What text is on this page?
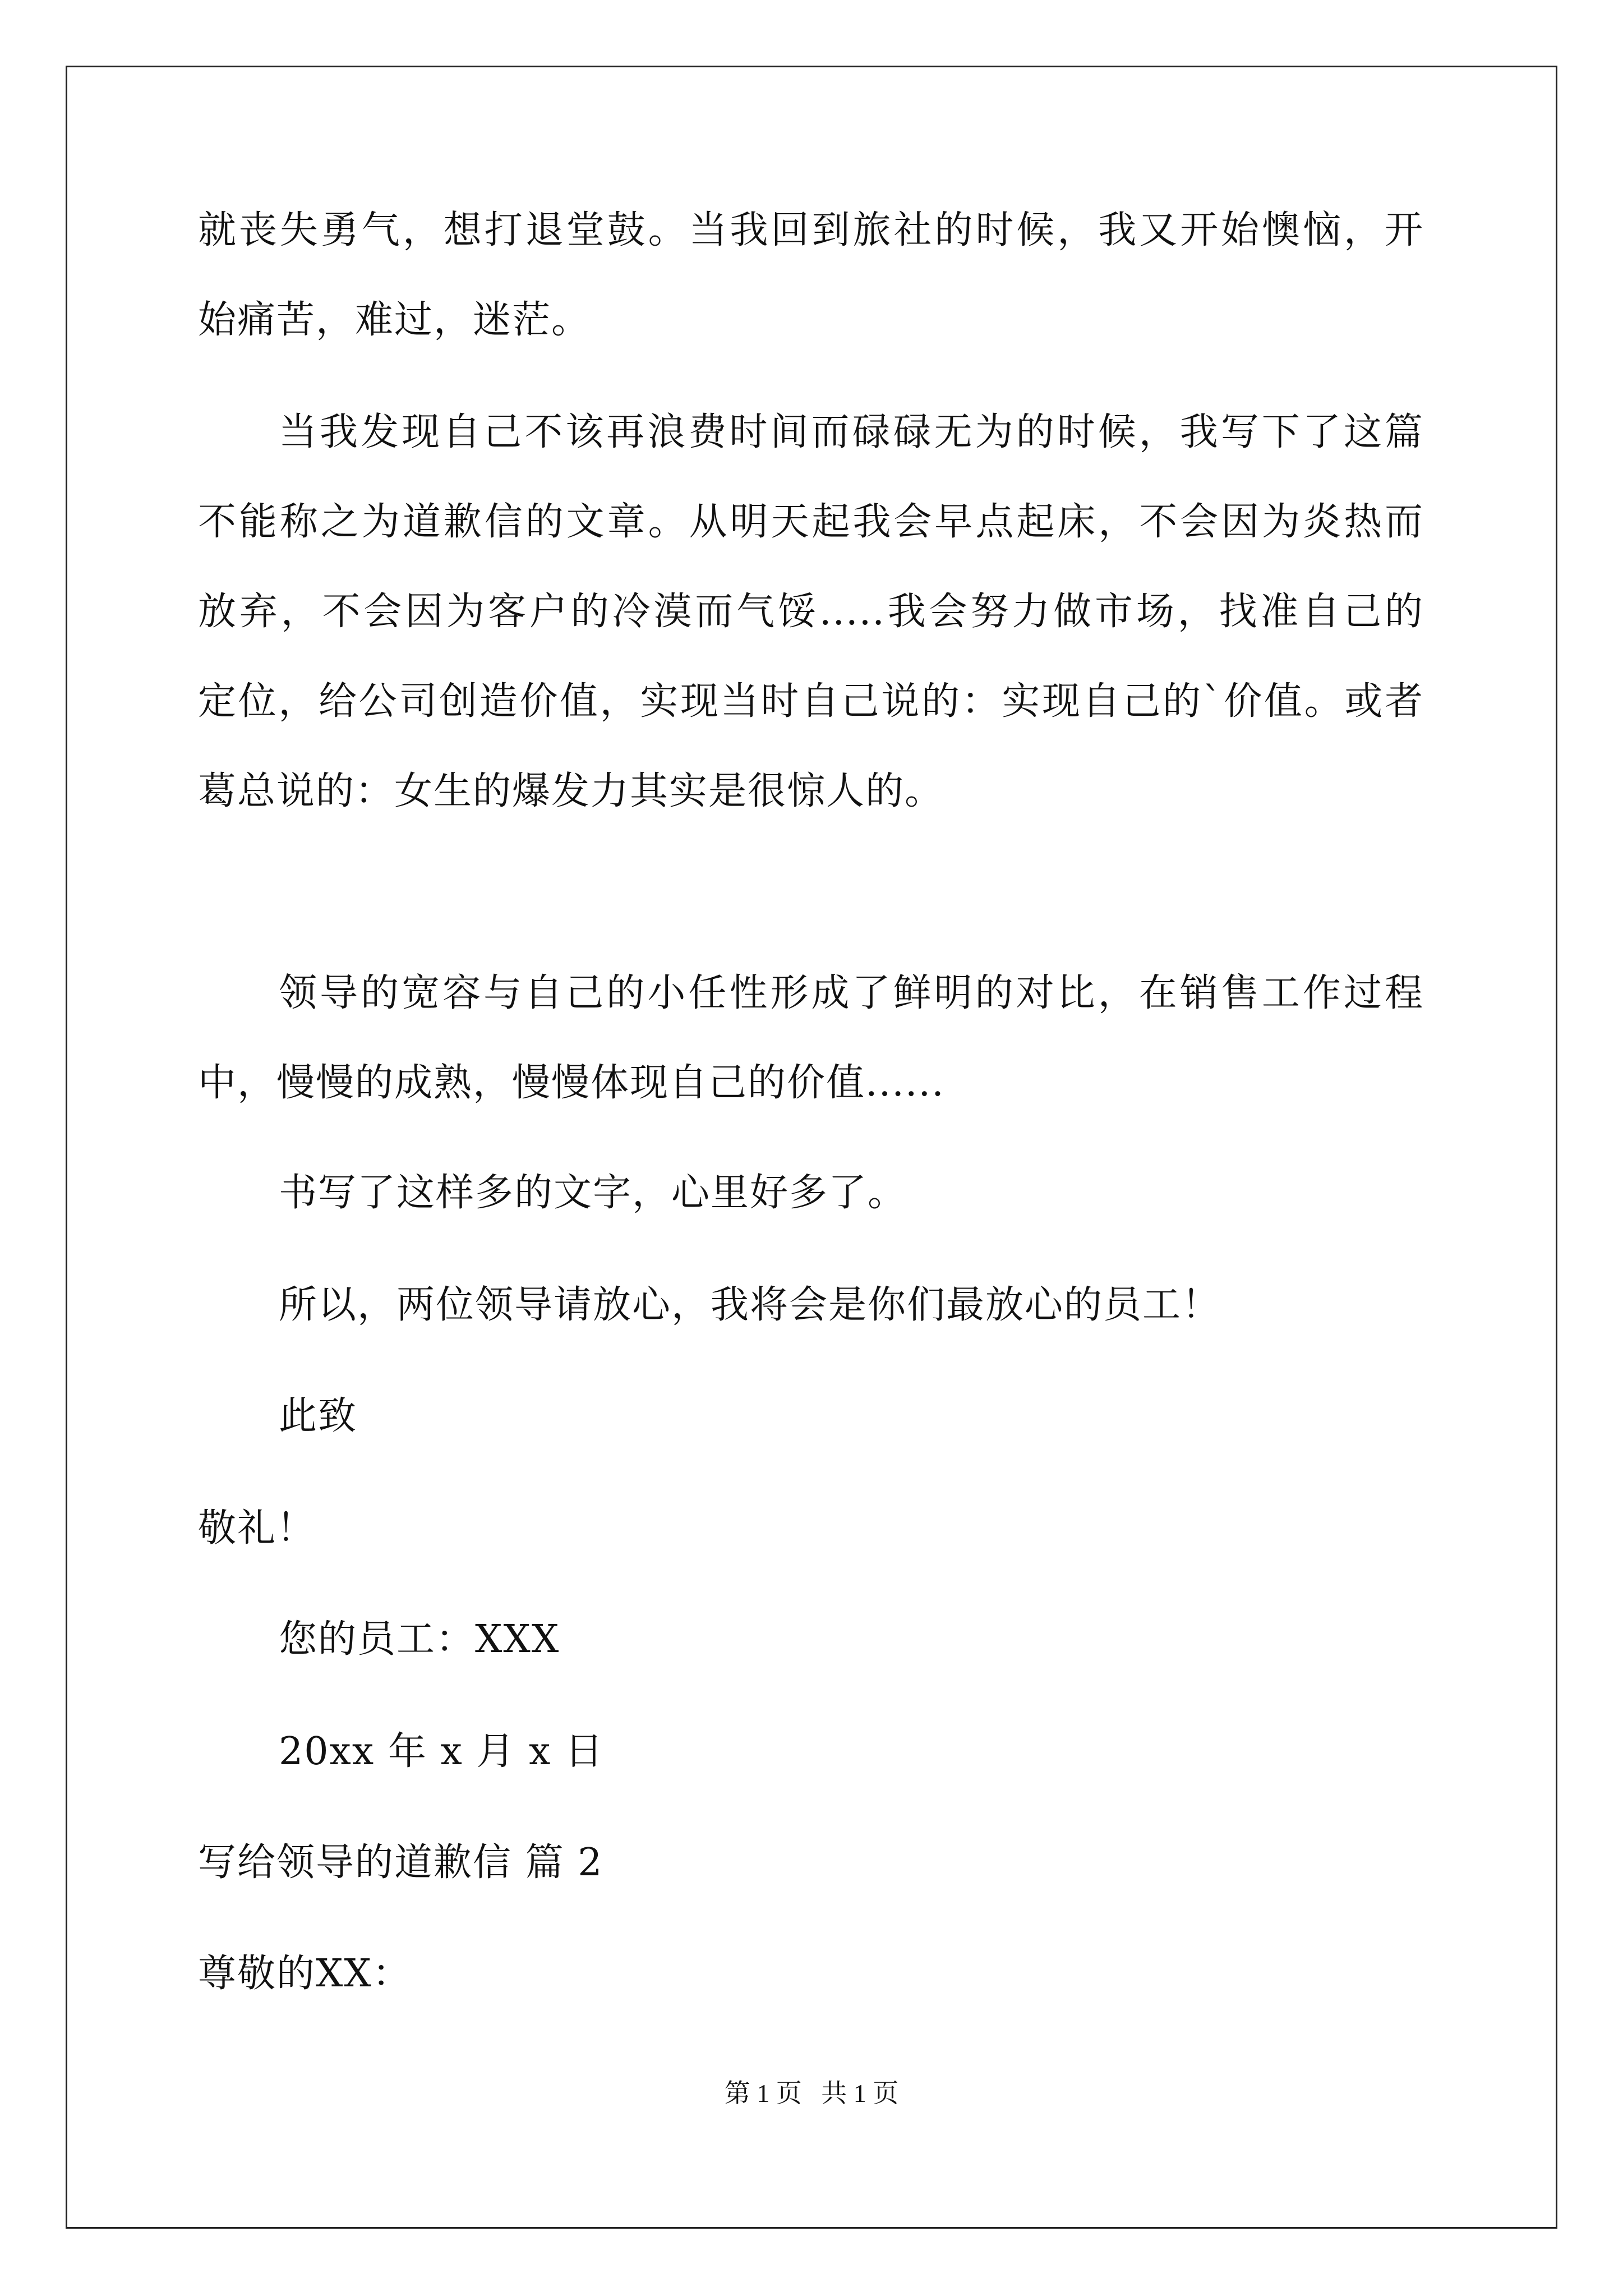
就丧失勇气，想打退堂鼓。当我回到旅社的时候，我又开始懊恼，开
始痛苦，难过，迷茫。
当我发现自己不该再浪费时间而碌碌无为的时候，我写下了这篇
不能称之为道歉信的文章。从明天起我会早点起床，不会因为炎热而
放弃，不会因为客户的冷漠而气馁.....我会努力做市场，找准自己的
定位，给公司创造价值，实现当时自己说的：实现自己的`价值。或者
葛总说的：女生的爆发力其实是很惊人的。
领导的宽容与自己的小任性形成了鲜明的对比，在销售工作过程
中，慢慢的成熟，慢慢体现自己的价值......
书写了这样多的文字，心里好多了。
所以，两位领导请放心，我将会是你们最放心的员工！
此致
敬礼！
您的员工：XXX
20xx 年 x 月 x 日
写给领导的道歉信 篇 2
尊敬的XX：
第 1 页   共 1 页
